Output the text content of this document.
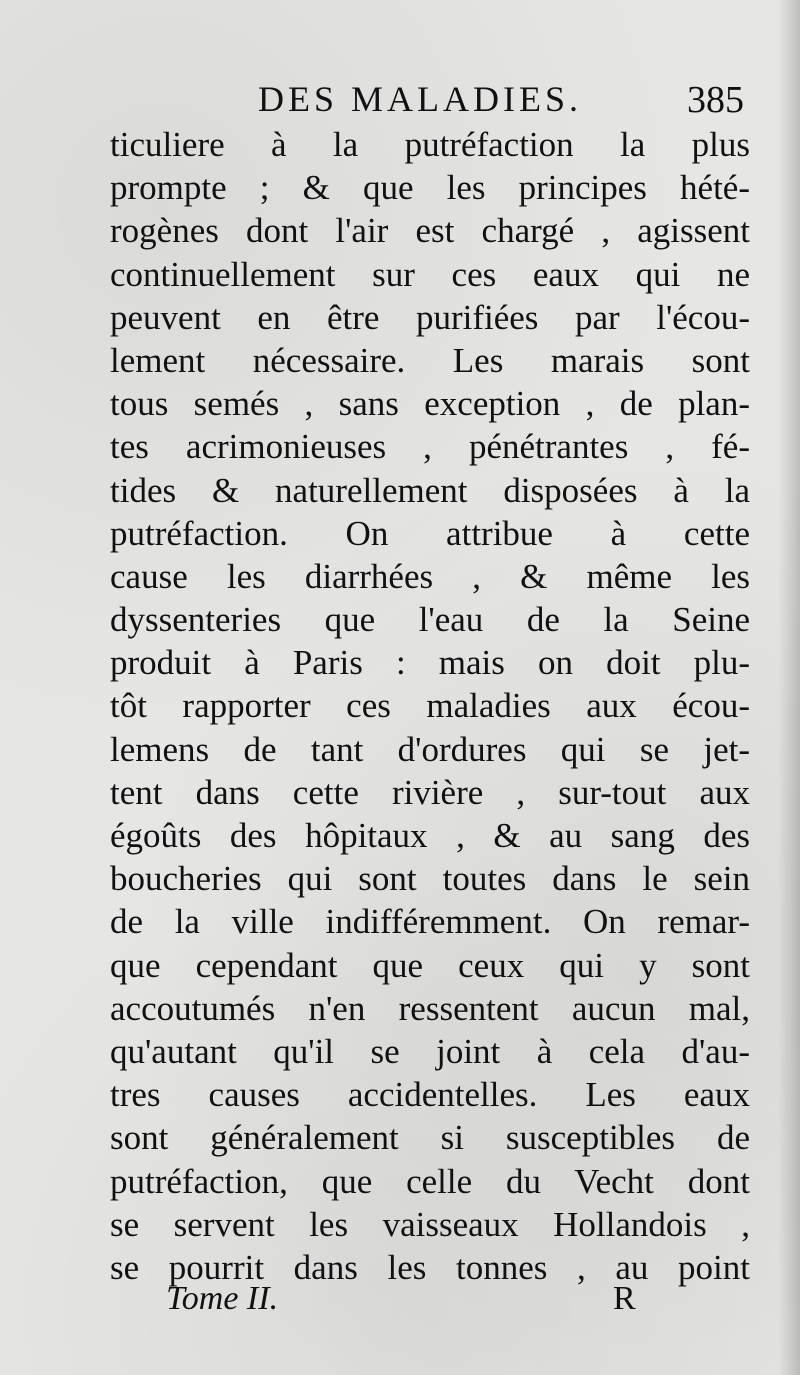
DES MALADIES.	385
ticuliere à la putréfaction la plus
prompte ; & que les principes hété-
rogènes dont l'air est chargé , agissent
continuellement sur ces eaux qui ne
peuvent en être purifiées par l'écou-
lement nécessaire. Les marais sont
tous semés , sans exception , de plan-
tes acrimonieuses , pénétrantes , fé-
tides & naturellement disposées à la
putréfaction. On attribue à cette
cause les diarrhées , & même les
dyssenteries que l'eau de la Seine
produit à Paris : mais on doit plu-
tôt rapporter ces maladies aux écou-
lemens de tant d'ordures qui se jet-
tent dans cette rivière , sur-tout aux
égoûts des hôpitaux , & au sang des
boucheries qui sont toutes dans le sein
de la ville indifféremment. On remar-
que cependant que ceux qui y sont
accoutumés n'en ressentent aucun mal,
qu'autant qu'il se joint à cela d'au-
tres causes accidentelles. Les eaux
sont généralement si susceptibles de
putréfaction, que celle du Vecht dont
se servent les vaisseaux Hollandois ,
se pourrit dans les tonnes , au point
Tome II.	R
